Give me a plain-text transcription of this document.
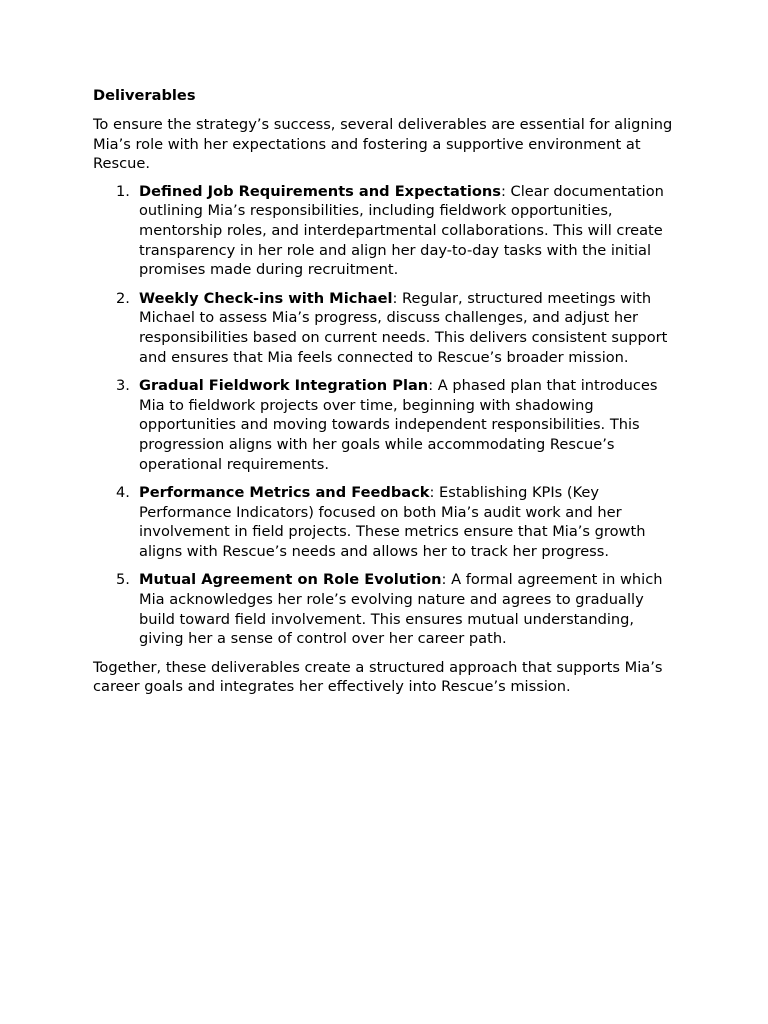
Deliverables
To ensure the strategy’s success, several deliverables are essential for aligning Mia’s role with her expectations and fostering a supportive environment at Rescue.
1. Defined Job Requirements and Expectations: Clear documentation outlining Mia’s responsibilities, including fieldwork opportunities, mentorship roles, and interdepartmental collaborations. This will create transparency in her role and align her day-to-day tasks with the initial promises made during recruitment.
2. Weekly Check-ins with Michael: Regular, structured meetings with Michael to assess Mia’s progress, discuss challenges, and adjust her responsibilities based on current needs. This delivers consistent support and ensures that Mia feels connected to Rescue’s broader mission.
3. Gradual Fieldwork Integration Plan: A phased plan that introduces Mia to fieldwork projects over time, beginning with shadowing opportunities and moving towards independent responsibilities. This progression aligns with her goals while accommodating Rescue’s operational requirements.
4. Performance Metrics and Feedback: Establishing KPIs (Key Performance Indicators) focused on both Mia’s audit work and her involvement in field projects. These metrics ensure that Mia’s growth aligns with Rescue’s needs and allows her to track her progress.
5. Mutual Agreement on Role Evolution: A formal agreement in which Mia acknowledges her role’s evolving nature and agrees to gradually build toward field involvement. This ensures mutual understanding, giving her a sense of control over her career path.
Together, these deliverables create a structured approach that supports Mia’s career goals and integrates her effectively into Rescue’s mission.
